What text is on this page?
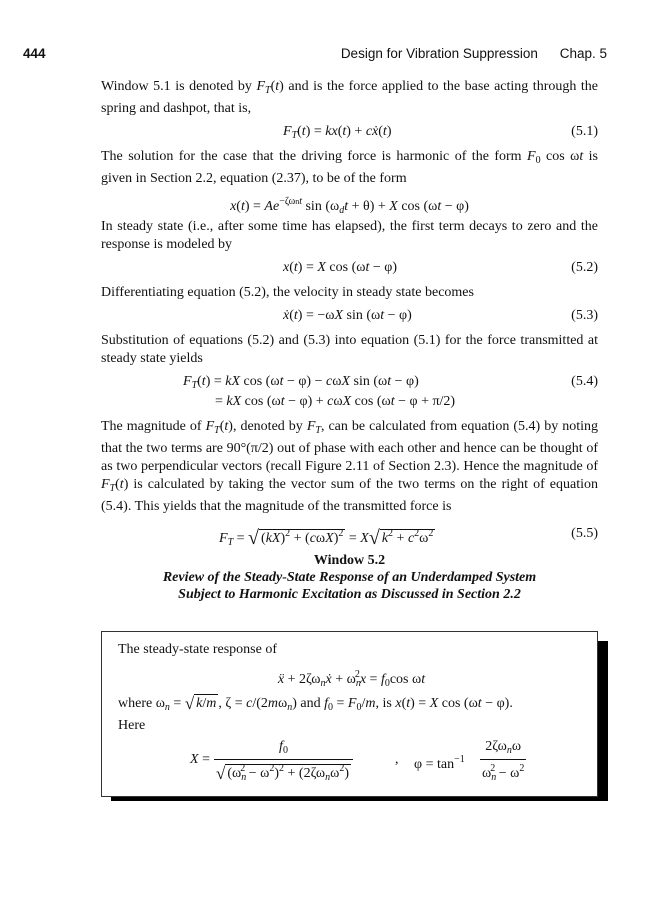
444	Design for Vibration Suppression Chap. 5

Window 5.1 is denoted by $F_T(t)$ and is the force applied to the base acting through the spring and dashpot, that is,

$F_T(t) = kx(t)$ + cẋ(t)	(5.1)

The solution for the case that the driving force is harmonic of the form $F_0$ cos ωt is given in Section 2.2, equation (2.37), to be of the form

$x(t) = Ae^{-\zeta\omega nt}$ $\sin (\omega_dt + \theta) + X$ cos (ωt − φ)

In steady state (i.e., after some time has elapsed), the first term decays to zero and the response is modeled by

x(t) = X cos (ωt − φ)	(5.2)

Differentiating equation (5.2), the velocity in steady state becomes

ẋ(t) = −ωX sin (ωt − φ)	(5.3)

Substitution of equations (5.2) and (5.3) into equation (5.1) for the force transmitted at steady state yields

$F_T(t)$ = kX cos (ωt − φ) − cωX sin (ωt − φ)	(5.4)
= kX cos (ωt − φ) + cωX cos (ωt − φ + π/2)

The magnitude of $F_T(t)$, denoted by $F_T$, can be calculated from equation (5.4) by noting that the two terms are 90°(π/2) out of phase with each other and hence can be thought of as two perpendicular vectors (recall Figure 2.11 of Section 2.3). Hence the magnitude of $F_T(t)$ is calculated by taking the vector sum of the two terms on the right of equation (5.4). This yields that the magnitude of the transmitted force is

$F_T$ = √ $(kX)^2 + (c\omega X)^2 = X√$ $k^2 + c^2\omega^2$	(5.5)
Window 5.2
Review of the Steady-State Response of an Underdamped System
Subject to Harmonic Excitation as Discussed in Section 2.2
The steady-state response of
ẍ + $2\zeta\omega_nẋ + \omega_n^2x = f_0\cos$ ωt
where $\omega_n$ = √ k/m , $\zeta = c/(2m\omega_n)$ and $f_0 = F_0/m$, is x(t) = X cos (ωt − φ).
Here
X =
$f_0$
√ $(\omega_n^2 - \omega^2)^2 + (2\zeta\omega_n\omega^2)$
, $\varphi = \tan^{-1}$
$2\zeta\omega_n\omega$
$\omega_n^2 - \omega^2$
